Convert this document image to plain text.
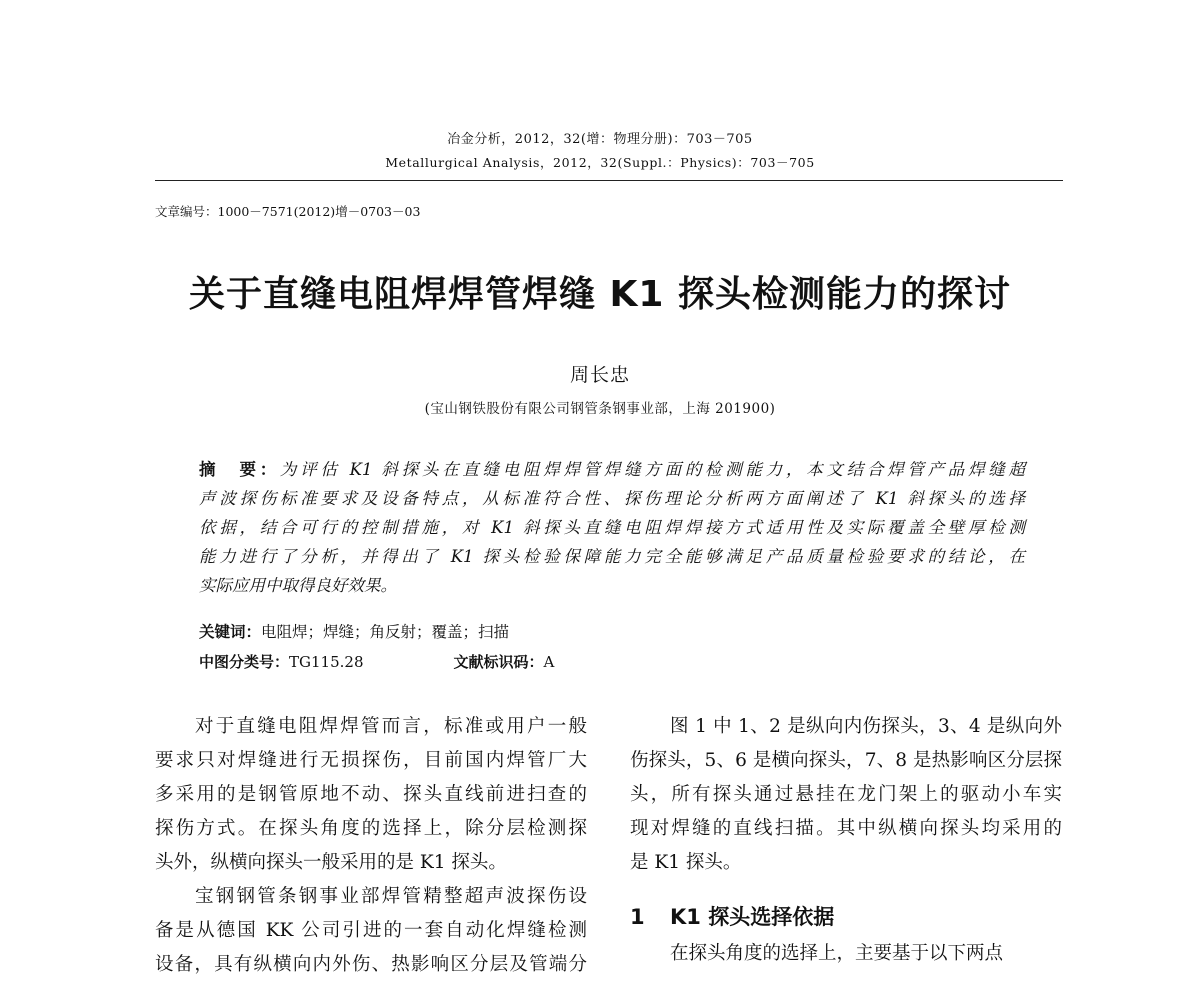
冶金分析，2012，32(增：物理分册)：703－705
Metallurgical Analysis，2012，32(Suppl.：Physics)：703－705
文章编号：1000－7571(2012)增－0703－03
关于直缝电阻焊焊管焊缝 K1 探头检测能力的探讨
周长忠
(宝山钢铁股份有限公司钢管条钢事业部，上海 201900)
摘　要：为评估 K1 斜探头在直缝电阻焊焊管焊缝方面的检测能力，本文结合焊管产品焊缝超
声波探伤标准要求及设备特点，从标准符合性、探伤理论分析两方面阐述了 K1 斜探头的选择
依据，结合可行的控制措施，对 K1 斜探头直缝电阻焊焊接方式适用性及实际覆盖全壁厚检测
能力进行了分析，并得出了 K1 探头检验保障能力完全能够满足产品质量检验要求的结论，在
实际应用中取得良好效果。
关键词：电阻焊；焊缝；角反射；覆盖；扫描
中图分类号：TG115.28	文献标识码：A
对于直缝电阻焊焊管而言，标准或用户一般
要求只对焊缝进行无损探伤，目前国内焊管厂大
多采用的是钢管原地不动、探头直线前进扫查的
探伤方式。在探头角度的选择上，除分层检测探
头外，纵横向探头一般采用的是 K1 探头。
宝钢钢管条钢事业部焊管精整超声波探伤设
备是从德国 KK 公司引进的一套自动化焊缝检测
设备，具有纵横向内外伤、热影响区分层及管端分
图 1 中 1、2 是纵向内伤探头，3、4 是纵向外
伤探头，5、6 是横向探头，7、8 是热影响区分层探
头，所有探头通过悬挂在龙门架上的驱动小车实
现对焊缝的直线扫描。其中纵横向探头均采用的
是 K1 探头。
1 K1 探头选择依据
在探头角度的选择上，主要基于以下两点
